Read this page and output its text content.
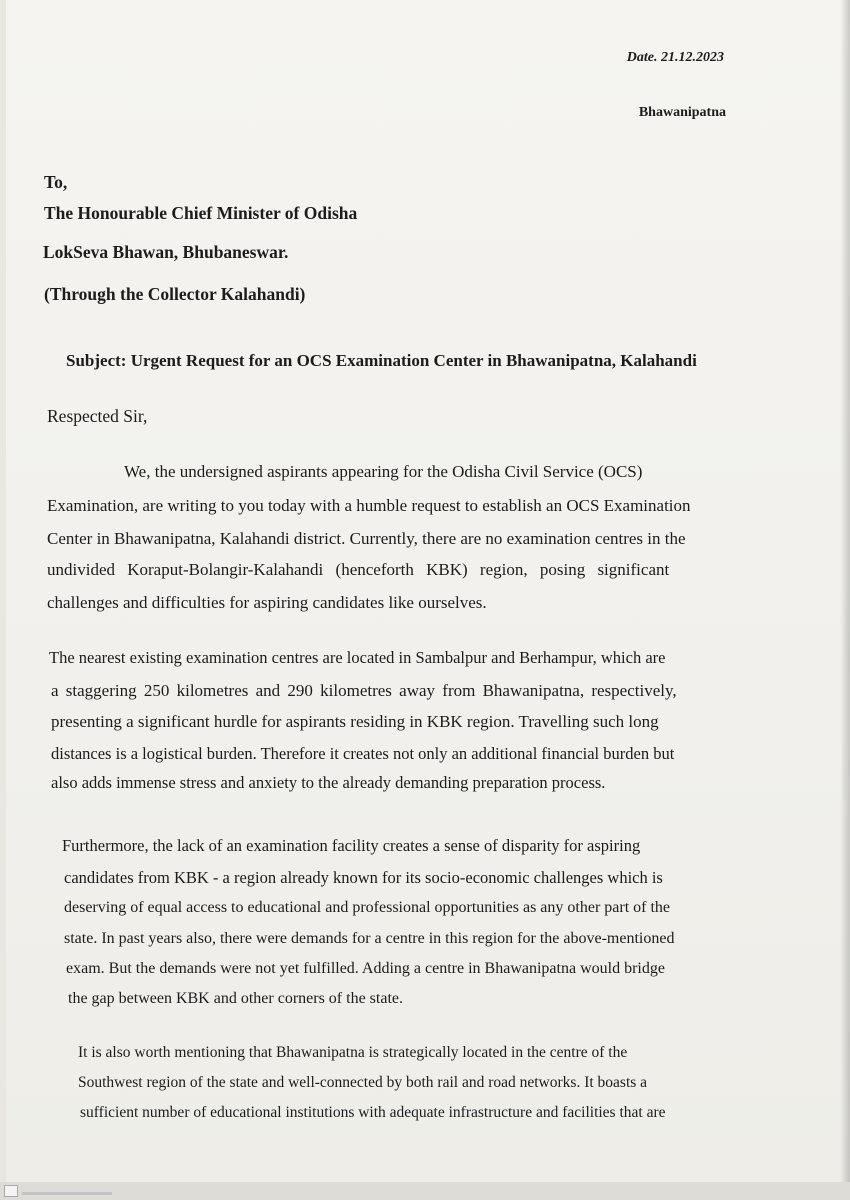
Date. 21.12.2023
Bhawanipatna
To,
The Honourable Chief Minister of Odisha
LokSeva Bhawan, Bhubaneswar.
(Through the Collector Kalahandi)
Subject: Urgent Request for an OCS Examination Center in Bhawanipatna, Kalahandi
Respected Sir,
We, the undersigned aspirants appearing for the Odisha Civil Service (OCS)
Examination, are writing to you today with a humble request to establish an OCS Examination
Center in Bhawanipatna, Kalahandi district. Currently, there are no examination centres in the
undivided Koraput-Bolangir-Kalahandi (henceforth KBK) region, posing significant
challenges and difficulties for aspiring candidates like ourselves.
The nearest existing examination centres are located in Sambalpur and Berhampur, which are
a staggering 250 kilometres and 290 kilometres away from Bhawanipatna, respectively,
presenting a significant hurdle for aspirants residing in KBK region. Travelling such long
distances is a logistical burden. Therefore it creates not only an additional financial burden but
also adds immense stress and anxiety to the already demanding preparation process.
Furthermore, the lack of an examination facility creates a sense of disparity for aspiring
candidates from KBK - a region already known for its socio-economic challenges which is
deserving of equal access to educational and professional opportunities as any other part of the
state. In past years also, there were demands for a centre in this region for the above-mentioned
exam. But the demands were not yet fulfilled. Adding a centre in Bhawanipatna would bridge
the gap between KBK and other corners of the state.
It is also worth mentioning that Bhawanipatna is strategically located in the centre of the
Southwest region of the state and well-connected by both rail and road networks. It boasts a
sufficient number of educational institutions with adequate infrastructure and facilities that are
